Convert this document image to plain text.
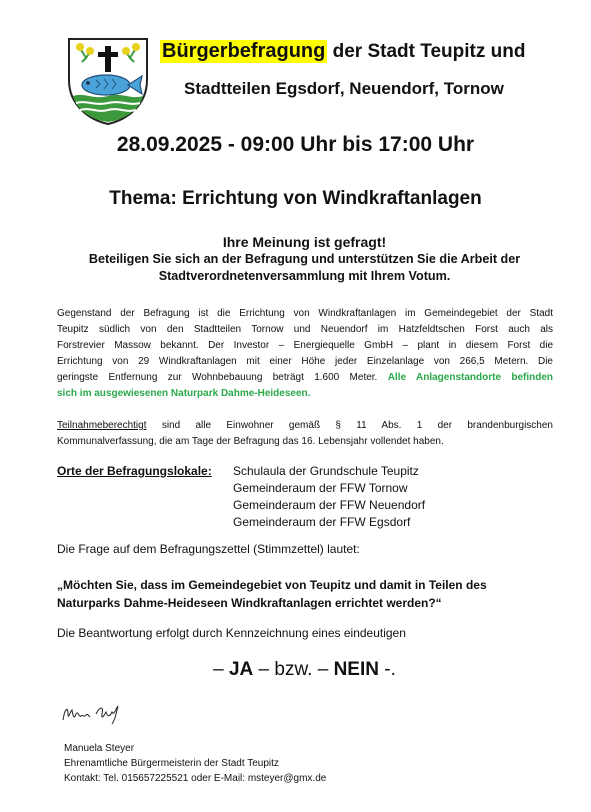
Bürgerbefragung der Stadt Teupitz und
Stadtteilen Egsdorf, Neuendorf, Tornow
28.09.2025 - 09:00 Uhr bis 17:00 Uhr
Thema: Errichtung von Windkraftanlagen
Ihre Meinung ist gefragt!
Beteiligen Sie sich an der Befragung und unterstützen Sie die Arbeit der
Stadtverordnetenversammlung mit Ihrem Votum.
Gegenstand der Befragung ist die Errichtung von Windkraftanlagen im Gemeindegebiet der Stadt
Teupitz südlich von den Stadtteilen Tornow und Neuendorf im Hatzfeldtschen Forst auch als
Forstrevier Massow bekannt. Der Investor – Energiequelle GmbH – plant in diesem Forst die
Errichtung von 29 Windkraftanlagen mit einer Höhe jeder Einzelanlage von 266,5 Metern. Die
geringste Entfernung zur Wohnbebauung beträgt 1.600 Meter. Alle Anlagenstandorte befinden
sich im ausgewiesenen Naturpark Dahme-Heideseen.
Teilnahmeberechtigt sind alle Einwohner gemäß § 11 Abs. 1 der brandenburgischen
Kommunalverfassung, die am Tage der Befragung das 16. Lebensjahr vollendet haben.
Orte der Befragungslokale: Schulaula der Grundschule Teupitz
Gemeinderaum der FFW Tornow
Gemeinderaum der FFW Neuendorf
Gemeinderaum der FFW Egsdorf
Die Frage auf dem Befragungszettel (Stimmzettel) lautet:
„Möchten Sie, dass im Gemeindegebiet von Teupitz und damit in Teilen des
Naturparks Dahme-Heideseen Windkraftanlagen errichtet werden?“
Die Beantwortung erfolgt durch Kennzeichnung eines eindeutigen
– JA – bzw. – NEIN -.
Manuela Steyer
Ehrenamtliche Bürgermeisterin der Stadt Teupitz
Kontakt: Tel. 015657225521 oder E-Mail: msteyer@gmx.de
